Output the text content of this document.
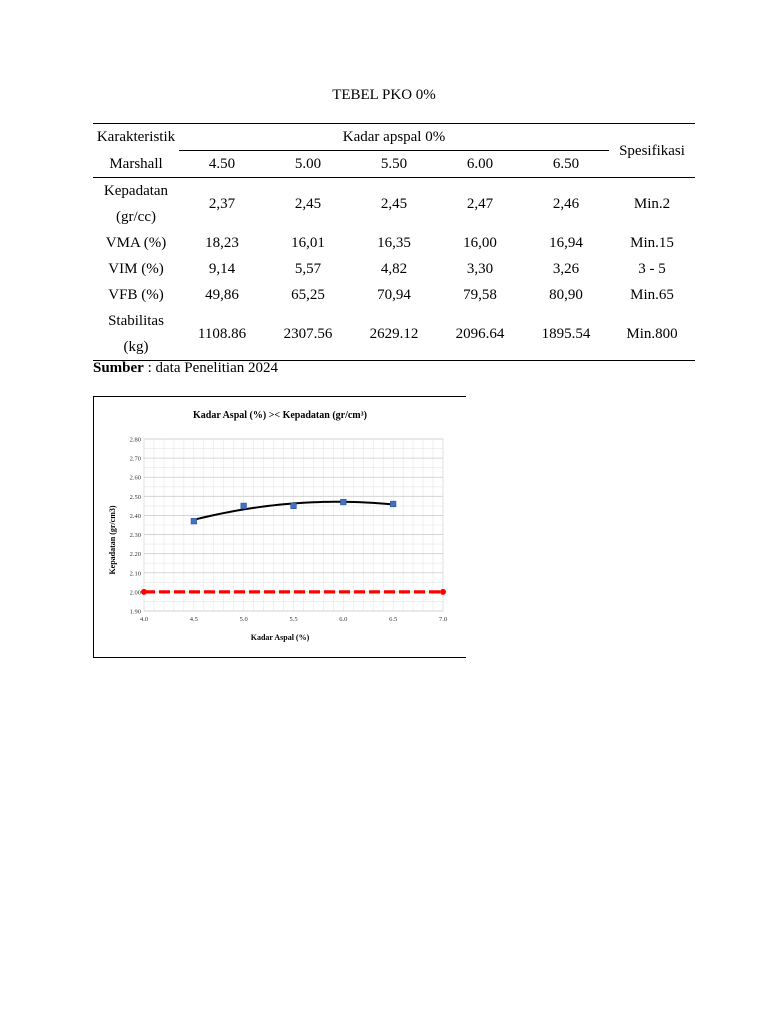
TEBEL PKO 0%
Karakteristik	Kadar apspal 0%					Spesifikasi
Marshall	4.50	5.00	5.50	6.00	6.50	

Kepadatan
(gr/cc)	2,37	2,45	2,45	2,47	2,46	Min.2
VMA (%)	18,23	16,01	16,35	16,00	16,94	Min.15
VIM (%)	9,14	5,57	4,82	3,30	3,26	3 - 5
VFB (%)	49,86	65,25	70,94	79,58	80,90	Min.65

Stabilitas
(kg)	1108.86	2307.56	2629.12	2096.64	1895.54	Min.800
Sumber : data Penelitian 2024
Kadar Aspal (%) >< Kepadatan (gr/cm³)
Kadar Aspal (%)
Kepadatan (gr/cm3)
1.90
2.00
2.10
2.20
2.30
2.40
2.50
2.60
2.70
2.80
4.0	4.5	5.0	5.5	6.0	6.5	7.0
